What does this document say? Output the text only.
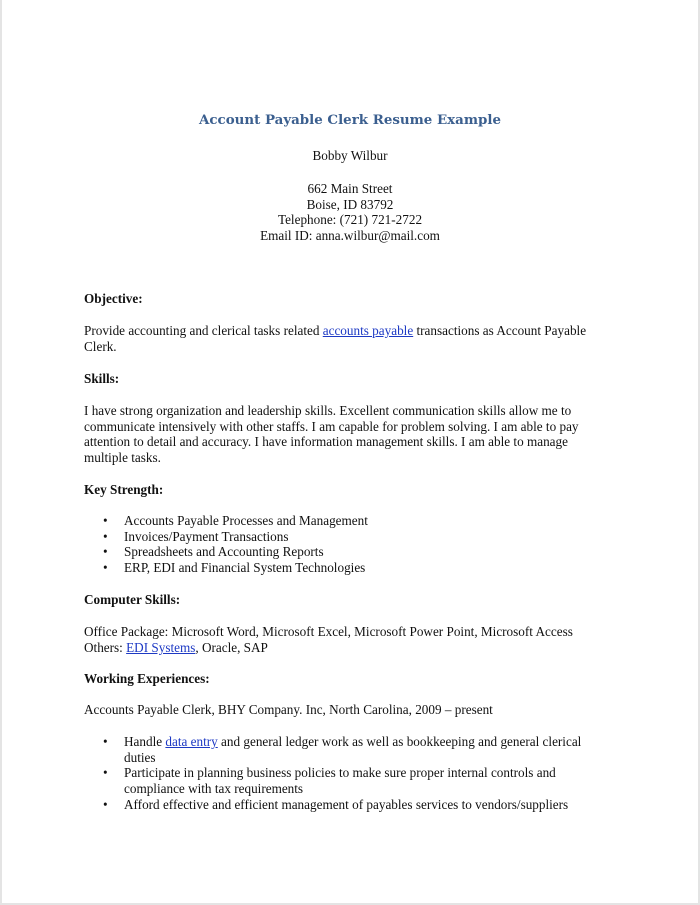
Account Payable Clerk Resume Example
Bobby Wilbur
662 Main Street
Boise, ID 83792
Telephone: (721) 721-2722
Email ID: anna.wilbur@mail.com
Objective:

Provide accounting and clerical tasks related accounts payable transactions as Account Payable Clerk.

Skills:

I have strong organization and leadership skills. Excellent communication skills allow me to communicate intensively with other staffs. I am capable for problem solving. I am able to pay attention to detail and accuracy. I have information management skills. I am able to manage multiple tasks.

Key Strength:
• Accounts Payable Processes and Management
• Invoices/Payment Transactions
• Spreadsheets and Accounting Reports
• ERP, EDI and Financial System Technologies
Computer Skills:
Office Package: Microsoft Word, Microsoft Excel, Microsoft Power Point, Microsoft Access
Others: EDI Systems, Oracle, SAP
Working Experiences:
Accounts Payable Clerk, BHY Company. Inc, North Carolina, 2009 – present
• Handle data entry and general ledger work as well as bookkeeping and general clerical duties
• Participate in planning business policies to make sure proper internal controls and compliance with tax requirements
• Afford effective and efficient management of payables services to vendors/suppliers
